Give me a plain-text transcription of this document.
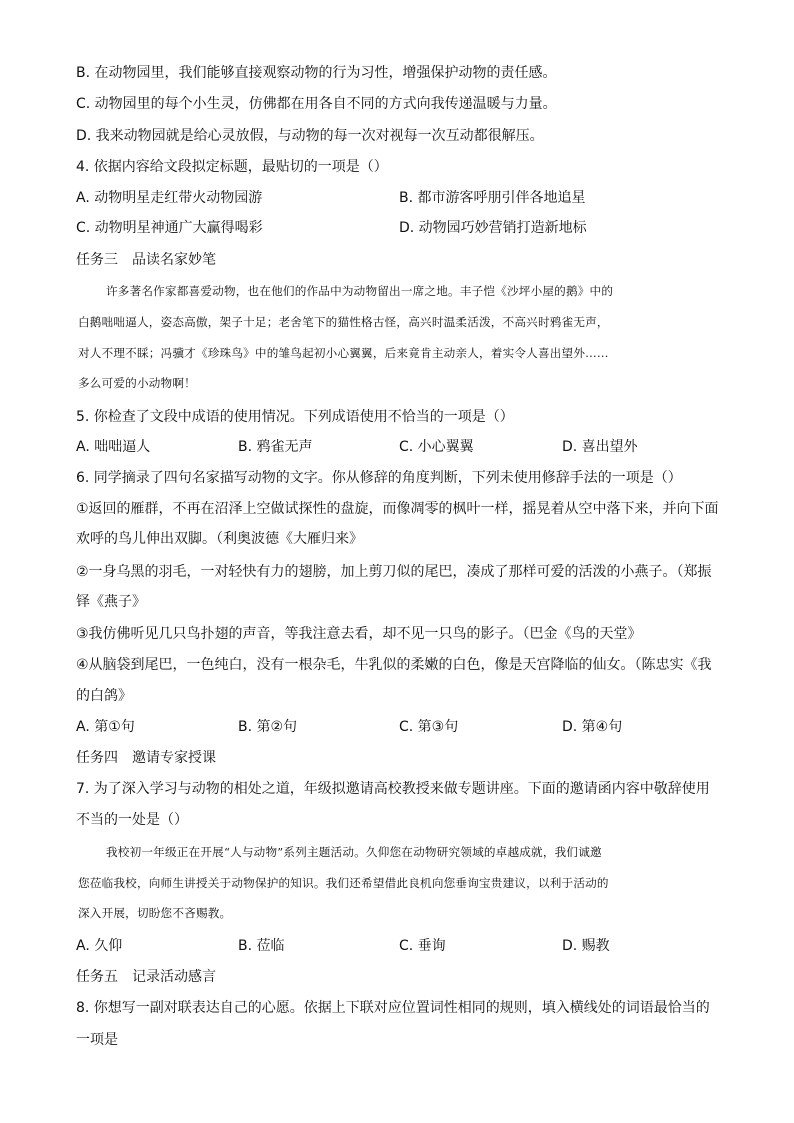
B. 在动物园里，我们能够直接观察动物的行为习性，增强保护动物的责任感。
C. 动物园里的每个小生灵，仿佛都在用各自不同的方式向我传递温暖与力量。
D. 我来动物园就是给心灵放假，与动物的每一次对视每一次互动都很解压。
4. 依据内容给文段拟定标题，最贴切的一项是（）
A. 动物明星走红带火动物园游	B. 都市游客呼朋引伴各地追星
C. 动物明星神通广大赢得喝彩	D. 动物园巧妙营销打造新地标
任务三 品读名家妙笔
许多著名作家都喜爱动物，也在他们的作品中为动物留出一席之地。丰子恺《沙坪小屋的鹅》中的
白鹅咄咄逼人，姿态高傲，架子十足；老舍笔下的猫性格古怪，高兴时温柔活泼，不高兴时鸦雀无声，
对人不理不睬；冯骥才《珍珠鸟》中的雏鸟起初小心翼翼，后来竟肯主动亲人，着实令人喜出望外……
多么可爱的小动物啊！
5. 你检查了文段中成语的使用情况。下列成语使用不恰当的一项是（）
A. 咄咄逼人	B. 鸦雀无声	C. 小心翼翼	D. 喜出望外
6. 同学摘录了四句名家描写动物的文字。你从修辞的角度判断，下列未使用修辞手法的一项是（）
①返回的雁群，不再在沼泽上空做试探性的盘旋，而像凋零的枫叶一样，摇晃着从空中落下来，并向下面
欢呼的鸟儿伸出双脚。（利奥波德《大雁归来》
②一身乌黑的羽毛，一对轻快有力的翅膀，加上剪刀似的尾巴，凑成了那样可爱的活泼的小燕子。（郑振
铎《燕子》
③我仿佛听见几只鸟扑翅的声音，等我注意去看，却不见一只鸟的影子。（巴金《鸟的天堂》
④从脑袋到尾巴，一色纯白，没有一根杂毛，牛乳似的柔嫩的白色，像是天宫降临的仙女。（陈忠实《我
的白鸽》
A. 第①句	B. 第②句	C. 第③句	D. 第④句
任务四 邀请专家授课
7. 为了深入学习与动物的相处之道，年级拟邀请高校教授来做专题讲座。下面的邀请函内容中敬辞使用
不当的一处是（）
我校初一年级正在开展“人与动物”系列主题活动。久仰您在动物研究领域的卓越成就，我们诚邀
您莅临我校，向师生讲授关于动物保护的知识。我们还希望借此良机向您垂询宝贵建议，以利于活动的
深入开展，切盼您不吝赐教。
A. 久仰	B. 莅临	C. 垂询	D. 赐教
任务五 记录活动感言
8. 你想写一副对联表达自己的心愿。依据上下联对应位置词性相同的规则，填入横线处的词语最恰当的
一项是
